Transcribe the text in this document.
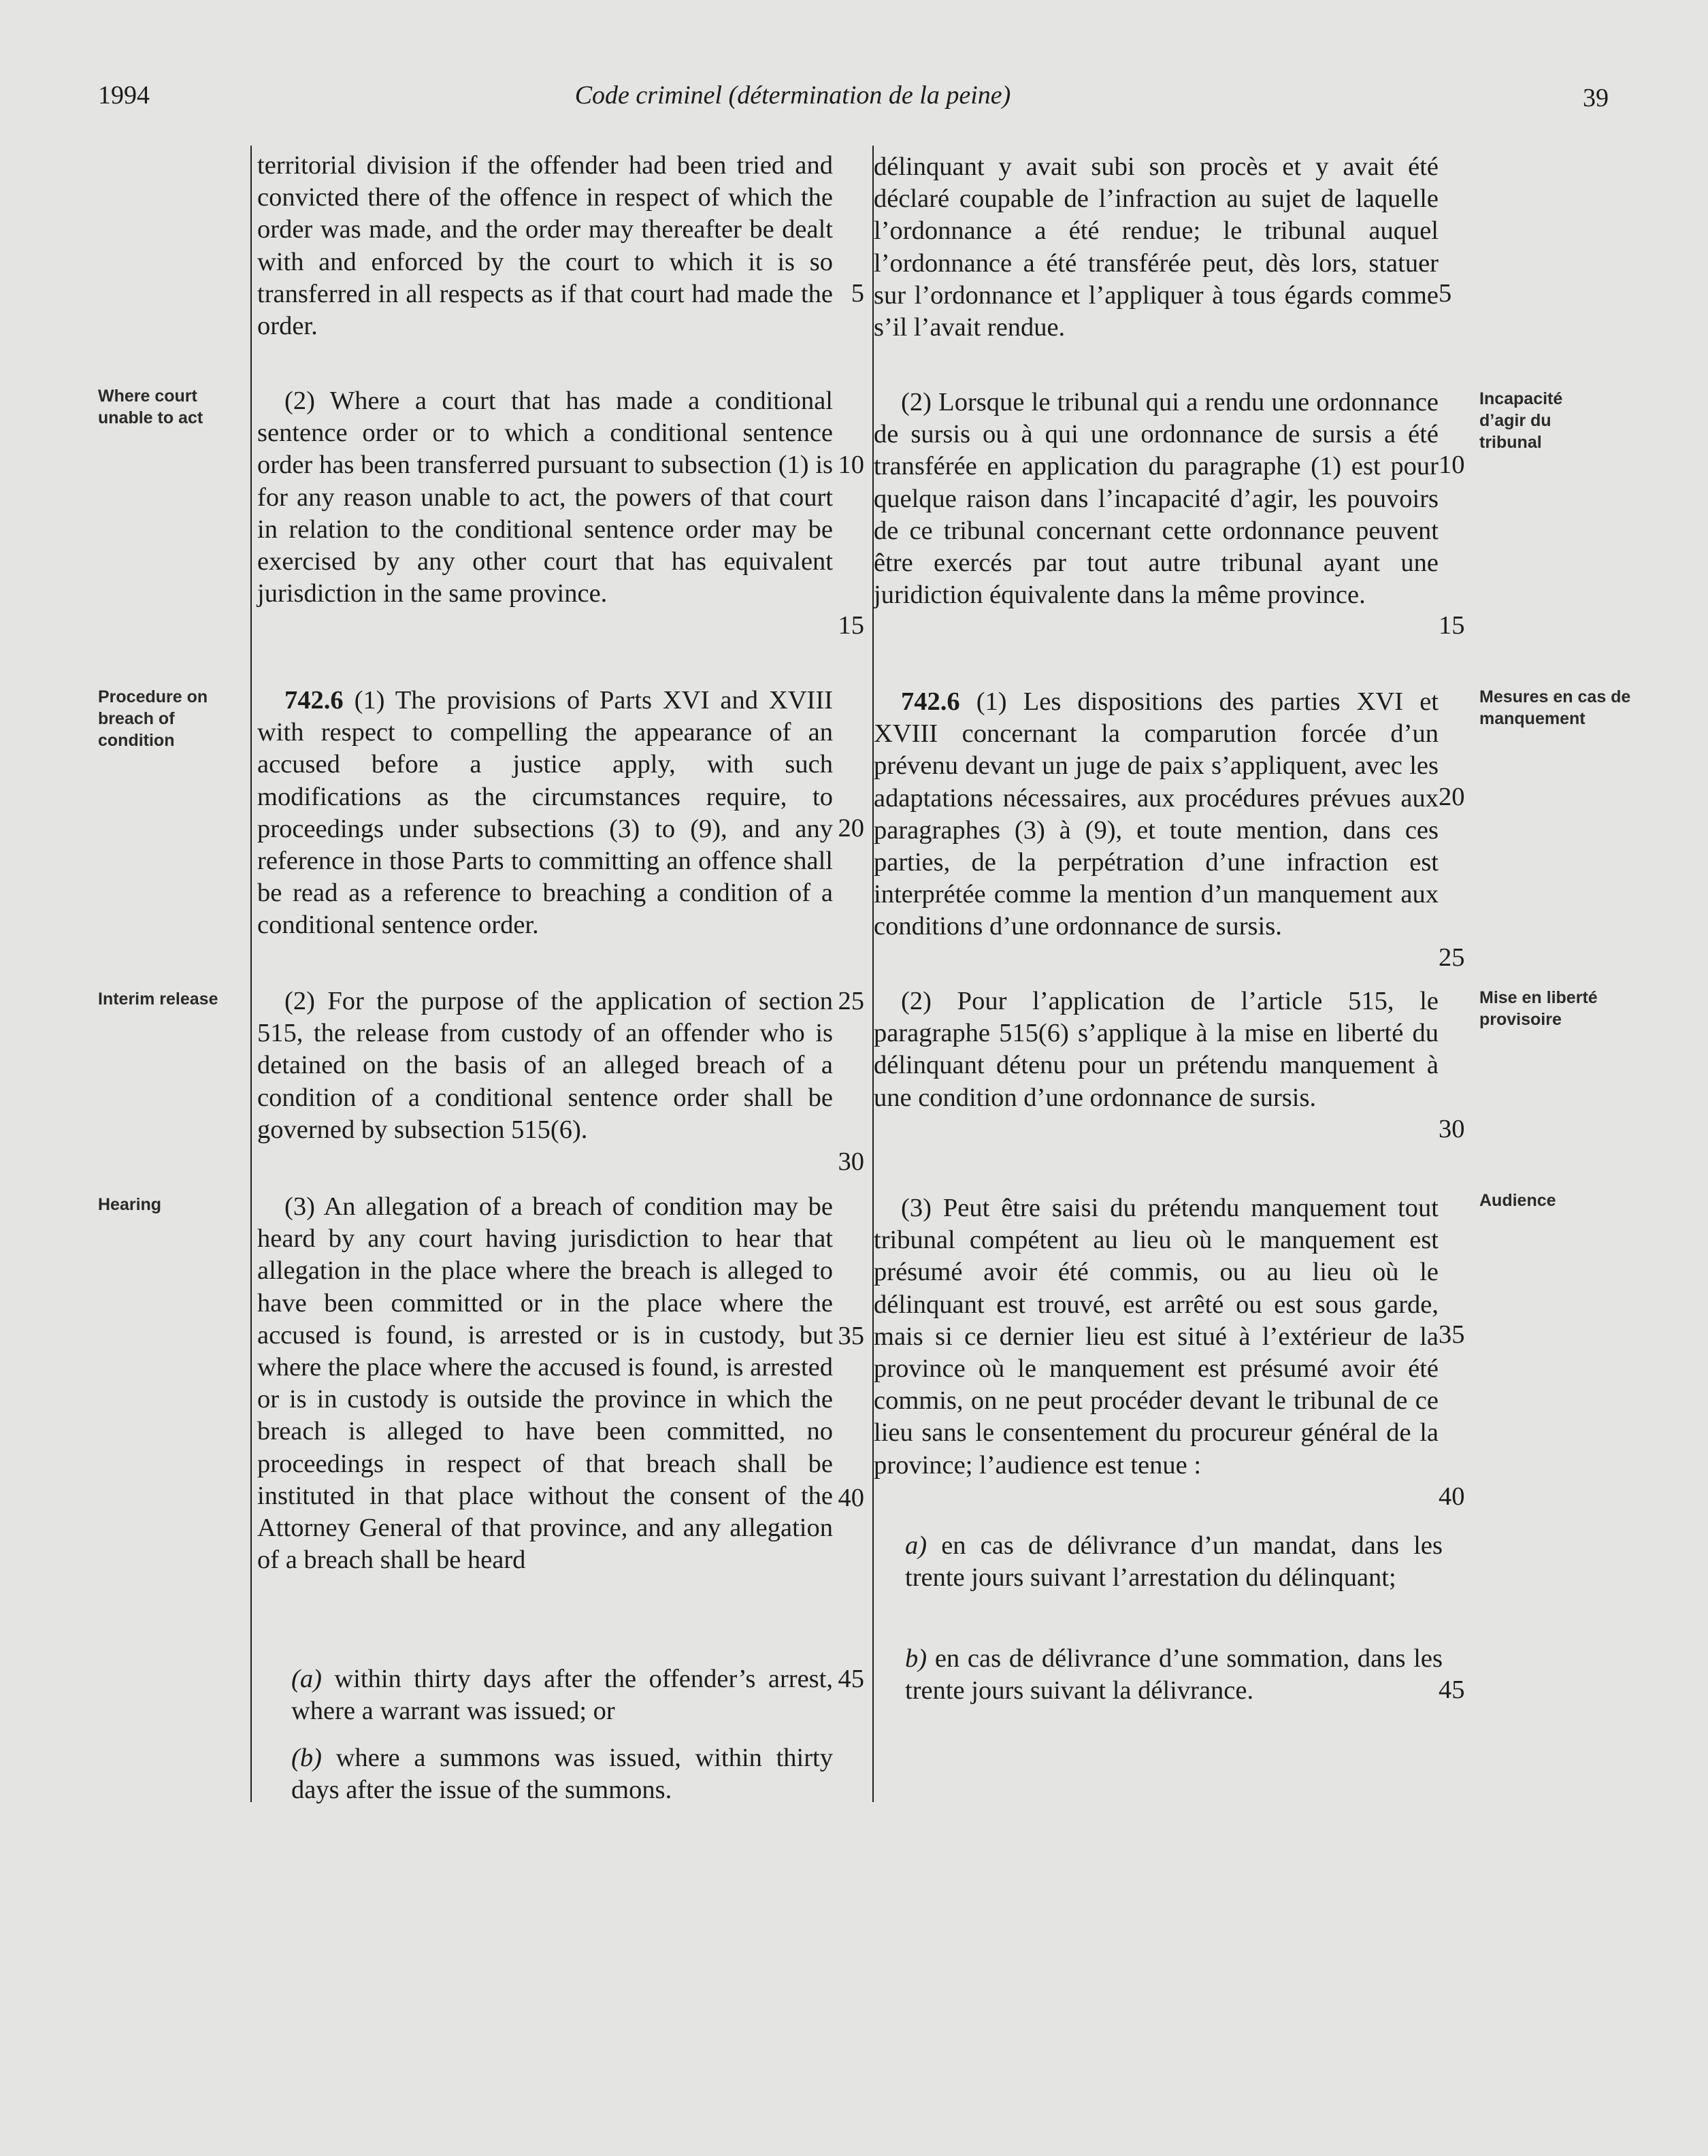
1994	Code criminel (détermination de la peine)	39
Where court unable to act
Procedure on breach of condition
Interim release
Hearing
Incapacité d’agir du tribunal
Mesures en cas de manquement
Mise en liberté provisoire
Audience
territorial division if the offender had been tried and convicted there of the offence in respect of which the order was made, and the order may thereafter be dealt with and enforced by the court to which it is so transferred in all respects as if that court had made the order.
(2) Where a court that has made a conditional sentence order or to which a conditional sentence order has been transferred pursuant to subsection (1) is for any reason unable to act, the powers of that court in relation to the conditional sentence order may be exercised by any other court that has equivalent jurisdiction in the same province.
742.6 (1) The provisions of Parts XVI and XVIII with respect to compelling the appearance of an accused before a justice apply, with such modifications as the circumstances require, to proceedings under subsections (3) to (9), and any reference in those Parts to committing an offence shall be read as a reference to breaching a condition of a conditional sentence order.
(2) For the purpose of the application of section 515, the release from custody of an offender who is detained on the basis of an alleged breach of a condition of a conditional sentence order shall be governed by subsection 515(6).
(3) An allegation of a breach of condition may be heard by any court having jurisdiction to hear that allegation in the place where the breach is alleged to have been committed or in the place where the accused is found, is arrested or is in custody, but where the place where the accused is found, is arrested or is in custody is outside the province in which the breach is alleged to have been committed, no proceedings in respect of that breach shall be instituted in that place without the consent of the Attorney General of that province, and any allegation of a breach shall be heard
(a) within thirty days after the offender’s arrest, where a warrant was issued; or
(b) where a summons was issued, within thirty days after the issue of the summons.
délinquant y avait subi son procès et y avait été déclaré coupable de l’infraction au sujet de laquelle l’ordonnance a été rendue; le tribunal auquel l’ordonnance a été transférée peut, dès lors, statuer sur l’ordonnance et l’appliquer à tous égards comme s’il l’avait rendue.
(2) Lorsque le tribunal qui a rendu une ordonnance de sursis ou à qui une ordonnance de sursis a été transférée en application du paragraphe (1) est pour quelque raison dans l’incapacité d’agir, les pouvoirs de ce tribunal concernant cette ordonnance peuvent être exercés par tout autre tribunal ayant une juridiction équivalente dans la même province.
742.6 (1) Les dispositions des parties XVI et XVIII concernant la comparution forcée d’un prévenu devant un juge de paix s’appliquent, avec les adaptations nécessaires, aux procédures prévues aux paragraphes (3) à (9), et toute mention, dans ces parties, de la perpétration d’une infraction est interprétée comme la mention d’un manquement aux conditions d’une ordonnance de sursis.
(2) Pour l’application de l’article 515, le paragraphe 515(6) s’applique à la mise en liberté du délinquant détenu pour un prétendu manquement à une condition d’une ordonnance de sursis.
(3) Peut être saisi du prétendu manquement tout tribunal compétent au lieu où le manquement est présumé avoir été commis, ou au lieu où le délinquant est trouvé, est arrêté ou est sous garde, mais si ce dernier lieu est situé à l’extérieur de la province où le manquement est présumé avoir été commis, on ne peut procéder devant le tribunal de ce lieu sans le consentement du procureur général de la province; l’audience est tenue :
a) en cas de délivrance d’un mandat, dans les trente jours suivant l’arrestation du délinquant;
b) en cas de délivrance d’une sommation, dans les trente jours suivant la délivrance.
5
10
15
20
25
30
35
40
45
5
10
15
20
25
30
35
40
45
